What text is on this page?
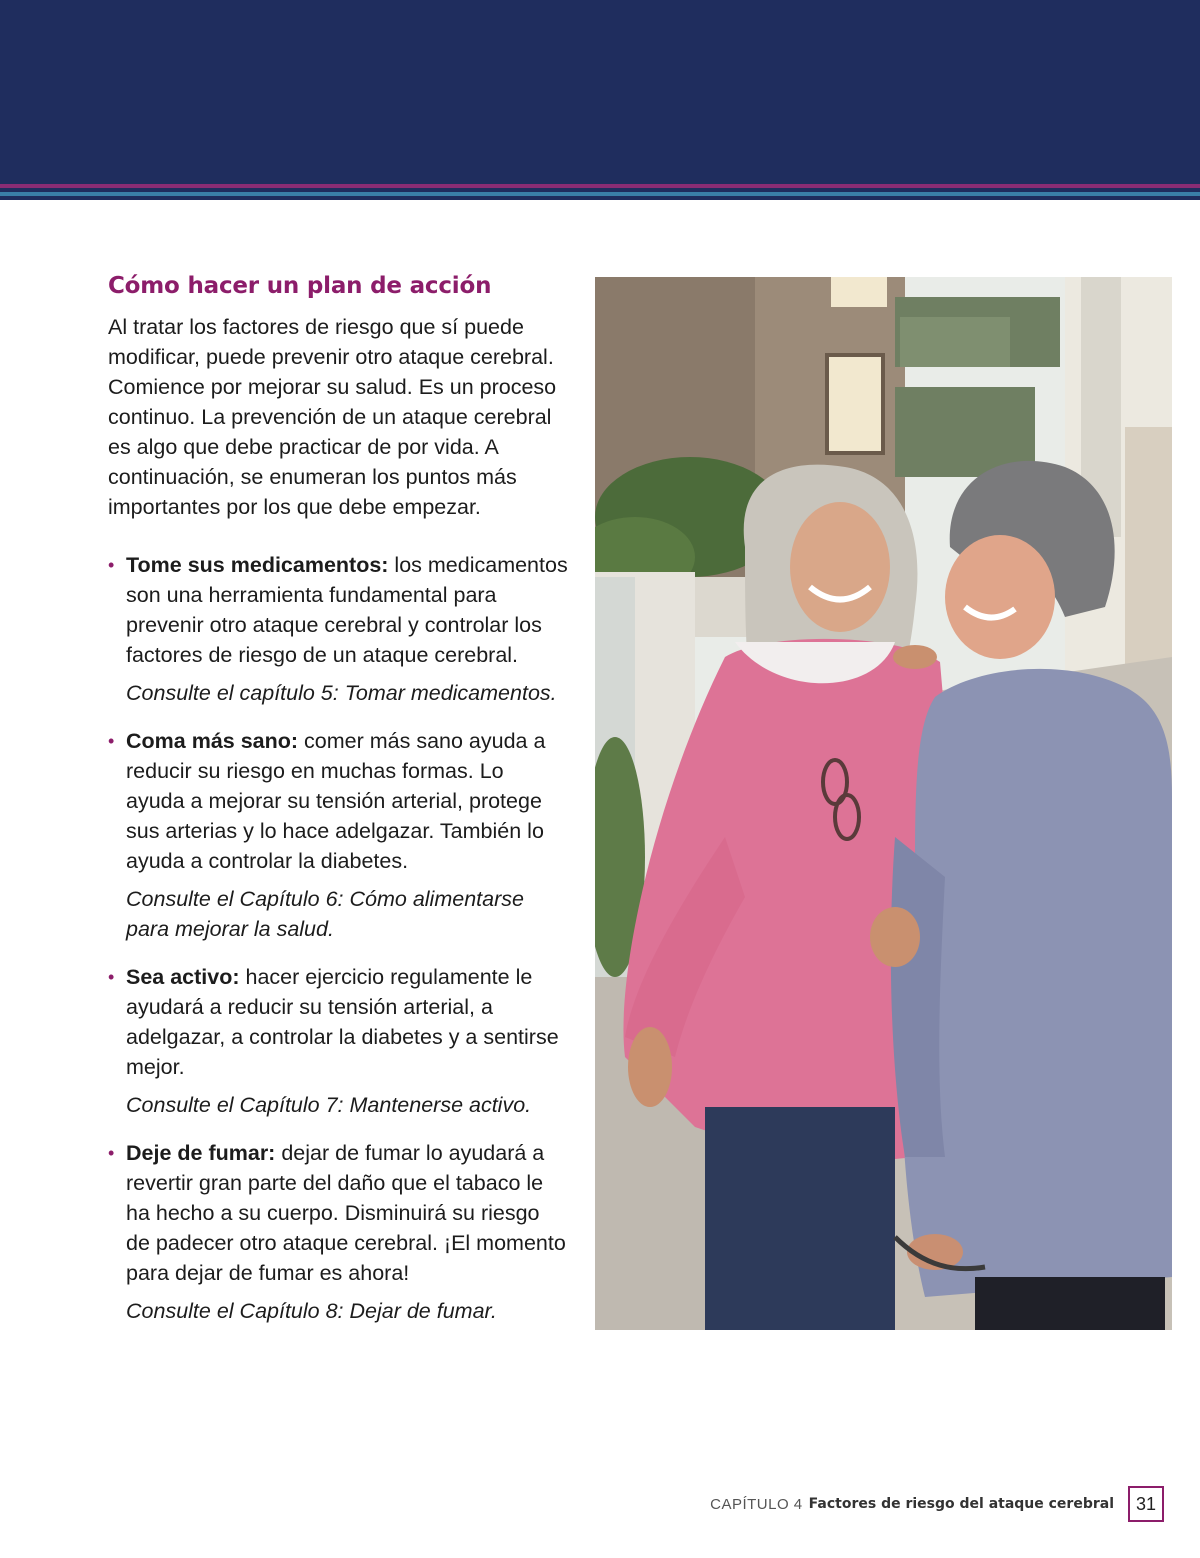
Cómo hacer un plan de acción

Al tratar los factores de riesgo que sí puede modificar, puede prevenir otro ataque cerebral. Comience por mejorar su salud. Es un proceso continuo. La prevención de un ataque cerebral es algo que debe practicar de por vida. A continuación, se enumeran los puntos más importantes por los que debe empezar.

• Tome sus medicamentos: los medicamentos son una herramienta fundamental para prevenir otro ataque cerebral y controlar los factores de riesgo de un ataque cerebral.

Consulte el capítulo 5: Tomar medicamentos.

• Coma más sano: comer más sano ayuda a reducir su riesgo en muchas formas. Lo ayuda a mejorar su tensión arterial, protege sus arterias y lo hace adelgazar. También lo ayuda a controlar la diabetes.

Consulte el Capítulo 6: Cómo alimentarse para mejorar la salud.

• Sea activo: hacer ejercicio regulamente le ayudará a reducir su tensión arterial, a adelgazar, a controlar la diabetes y a sentirse mejor.

Consulte el Capítulo 7: Mantenerse activo.

• Deje de fumar: dejar de fumar lo ayudará a revertir gran parte del daño que el tabaco le ha hecho a su cuerpo. Disminuirá su riesgo de padecer otro ataque cerebral. ¡El momento para dejar de fumar es ahora!

Consulte el Capítulo 8: Dejar de fumar.

CAPÍTULO 4 Factores de riesgo del ataque cerebral	31
